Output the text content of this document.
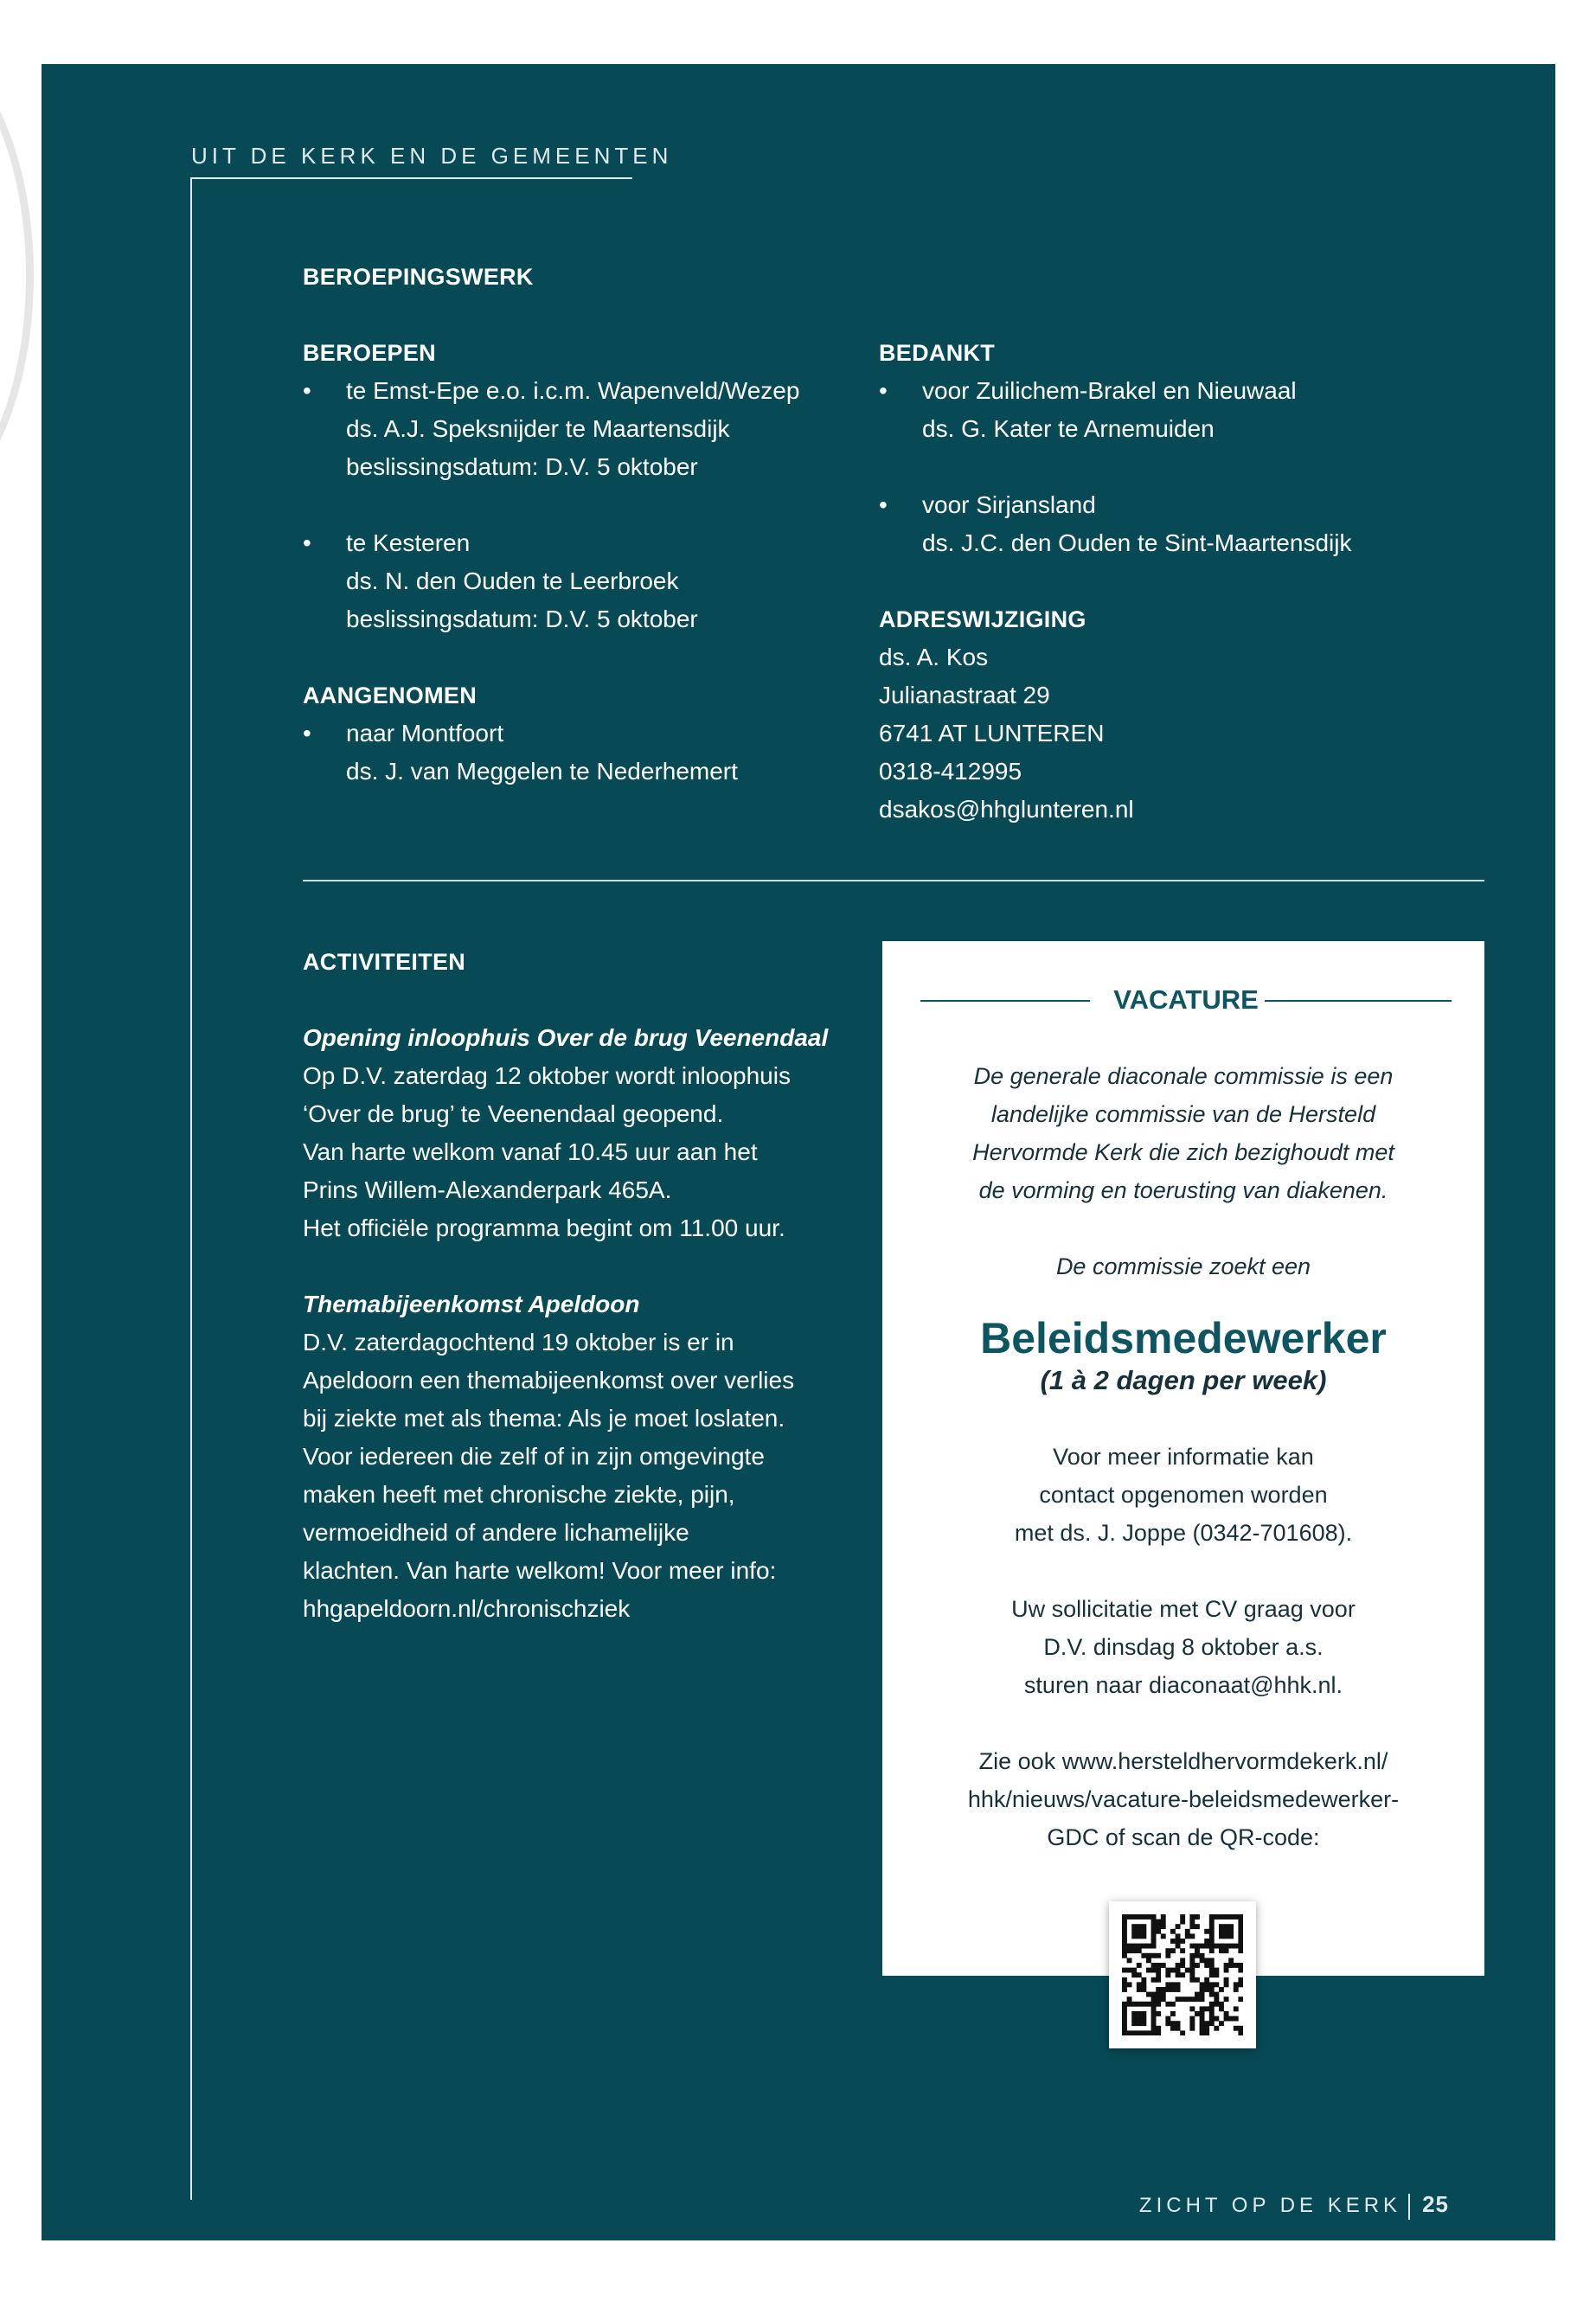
UIT DE KERK EN DE GEMEENTEN
BEROEPINGSWERK
BEROEPEN
• te Emst-Epe e.o. i.c.m. Wapenveld/Wezep
ds. A.J. Speksnijder te Maartensdijk
beslissingsdatum: D.V. 5 oktober
• te Kesteren
ds. N. den Ouden te Leerbroek
beslissingsdatum: D.V. 5 oktober
AANGENOMEN
• naar Montfoort
ds. J. van Meggelen te Nederhemert
BEDANKT
• voor Zuilichem-Brakel en Nieuwaal
ds. G. Kater te Arnemuiden
• voor Sirjansland
ds. J.C. den Ouden te Sint-Maartensdijk
ADRESWIJZIGING
ds. A. Kos
Julianastraat 29
6741 AT LUNTEREN
0318-412995
dsakos@hhglunteren.nl
ACTIVITEITEN
Opening inloophuis Over de brug Veenendaal
Op D.V. zaterdag 12 oktober wordt inloophuis
‘Over de brug’ te Veenendaal geopend.
Van harte welkom vanaf 10.45 uur aan het
Prins Willem-Alexanderpark 465A.
Het officiële programma begint om 11.00 uur.
Themabijeenkomst Apeldoon
D.V. zaterdagochtend 19 oktober is er in
Apeldoorn een themabijeenkomst over verlies
bij ziekte met als thema: Als je moet loslaten.
Voor iedereen die zelf of in zijn omgevingte
maken heeft met chronische ziekte, pijn,
vermoeidheid of andere lichamelijke
klachten. Van harte welkom! Voor meer info:
hhgapeldoorn.nl/chronischziek
VACATURE
De generale diaconale commissie is een
landelijke commissie van de Hersteld
Hervormde Kerk die zich bezighoudt met
de vorming en toerusting van diakenen.
De commissie zoekt een
Beleidsmedewerker
(1 à 2 dagen per week)
Voor meer informatie kan
contact opgenomen worden
met ds. J. Joppe (0342-701608).
Uw sollicitatie met CV graag voor
D.V. dinsdag 8 oktober a.s.
sturen naar diaconaat@hhk.nl.
Zie ook www.hersteldhervormdekerk.nl/
hhk/nieuws/vacature-beleidsmedewerker-
GDC of scan de QR-code:
ZICHT OP DE KERK 25
